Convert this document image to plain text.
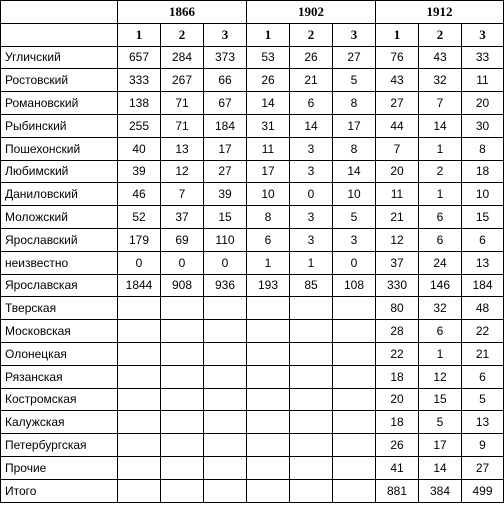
	1866			1902			1912		
	1	2	3	1	2	3	1	2	3
Угличский	657	284	373	53	26	27	76	43	33
Ростовский	333	267	66	26	21	5	43	32	11
Романовский	138	71	67	14	6	8	27	7	20
Рыбинский	255	71	184	31	14	17	44	14	30
Пошехонский	40	13	17	11	3	8	7	1	8
Любимский	39	12	27	17	3	14	20	2	18
Даниловский	46	7	39	10	0	10	11	1	10
Моложский	52	37	15	8	3	5	21	6	15
Ярославский	179	69	110	6	3	3	12	6	6
неизвестно	0	0	0	1	1	0	37	24	13
Ярославская	1844	908	936	193	85	108	330	146	184
Тверская							80	32	48
Московская							28	6	22
Олонецкая							22	1	21
Рязанская							18	12	6
Костромская							20	15	5
Калужская							18	5	13
Петербургская							26	17	9
Прочие							41	14	27
Итого							881	384	499
